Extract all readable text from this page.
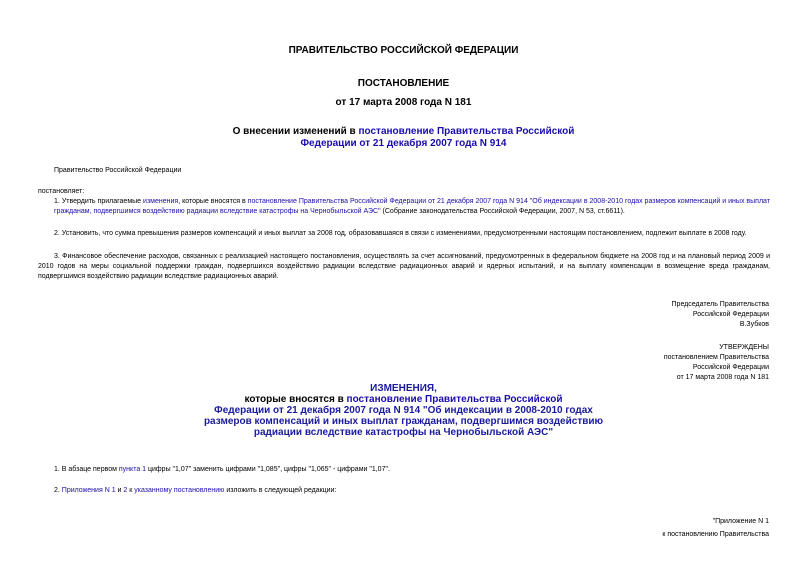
ПРАВИТЕЛЬСТВО РОССИЙСКОЙ ФЕДЕРАЦИИ
ПОСТАНОВЛЕНИЕ
от 17 марта 2008 года N 181
О внесении изменений в постановление Правительства Российской
Федерации от 21 декабря 2007 года N 914
Правительство Российской Федерации
постановляет:

1. Утвердить прилагаемые изменения, которые вносятся в постановление Правительства Российской Федерации от 21 декабря 2007 года N 914 "Об индексации в 2008-2010 годах размеров компенсаций и иных выплат гражданам, подвергшимся воздействию радиации вследствие катастрофы на Чернобыльской АЭС" (Собрание законодательства Российской Федерации, 2007, N 53, ст.6611).

2. Установить, что сумма превышения размеров компенсаций и иных выплат за 2008 год, образовавшаяся в связи с изменениями, предусмотренными настоящим постановлением, подлежит выплате в 2008 году.

3. Финансовое обеспечение расходов, связанных с реализацией настоящего постановления, осуществлять за счет ассигнований, предусмотренных в федеральном бюджете на 2008 год и на плановый период 2009 и 2010 годов на меры социальной поддержки граждан, подвергшихся воздействию радиации вследствие радиационных аварий и ядерных испытаний, и на выплату компенсации в возмещение вреда гражданам, подвергшимся воздействию радиации вследствие радиационных аварий.

Председатель Правительства
Российской Федерации
В.Зубков
УТВЕРЖДЕНЫ
постановлением Правительства
Российской Федерации
от 17 марта 2008 года N 181
ИЗМЕНЕНИЯ,
которые вносятся в постановление Правительства Российской
Федерации от 21 декабря 2007 года N 914 "Об индексации в 2008-2010 годах
размеров компенсаций и иных выплат гражданам, подвергшимся воздействию
радиации вследствие катастрофы на Чернобыльской АЭС"
1. В абзаце первом пункта 1 цифры "1,07" заменить цифрами "1,085", цифры "1,065" - цифрами "1,07".
2. Приложения N 1 и 2 к указанному постановлению изложить в следующей редакции:
"Приложение N 1
к постановлению Правительства
